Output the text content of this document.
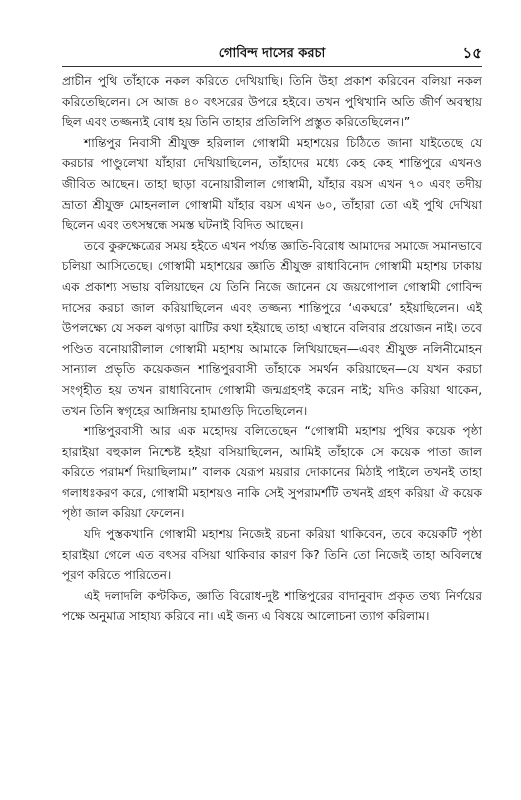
গোবিন্দ দাসের করচা	১৫

প্রাচীন পুথি তাঁহাকে নকল করিতে দেখিয়াছি। তিনি উহা প্রকাশ করিবেন বলিয়া নকল করিতেছিলেন। সে আজ ৪০ বৎসরের উপরে হইবে। তখন পুথিখানি অতি জীর্ণ অবস্থায় ছিল এবং তজ্জন্যই বোধ হয় তিনি তাহার প্রতিলিপি প্রস্তুত করিতেছিলেন।”

শান্তিপুর নিবাসী শ্রীযুক্ত হরিলাল গোস্বামী মহাশয়ের চিঠিতে জানা যাইতেছে যে করচার পাণ্ডুলেখা যাঁহারা দেখিয়াছিলেন, তাঁহাদের মধ্যে কেহ কেহ শান্তিপুরে এখনও জীবিত আছেন। তাহা ছাড়া বনোয়ারীলাল গোস্বামী, যাঁহার বয়স এখন ৭০ এবং তদীয় ভ্রাতা শ্রীযুক্ত মোহনলাল গোস্বামী যাঁহার বয়স এখন ৬০, তাঁহারা তো এই পুথি দেখিয়া ছিলেন এবং তৎসম্বন্ধে সমস্ত ঘটনাই বিদিত আছেন।

তবে কুরুক্ষেত্রের সময় হইতে এখন পর্য্যন্ত জ্ঞাতি-বিরোধ আমাদের সমাজে সমানভাবে চলিয়া আসিতেছে। গোস্বামী মহাশয়ের জ্ঞাতি শ্রীযুক্ত রাধাবিনোদ গোস্বামী মহাশয় ঢাকায় এক প্রকাশ্য সভায় বলিয়াছেন যে তিনি নিজে জানেন যে জয়গোপাল গোস্বামী গোবিন্দ দাসের করচা জাল করিয়াছিলেন এবং তজ্জন্য শান্তিপুরে ‘একঘরে’ হইয়াছিলেন। এই উপলক্ষ্যে যে সকল ঝগড়া ঝাটির কথা হইয়াছে তাহা এস্থানে বলিবার প্রয়োজন নাই। তবে পণ্ডিত বনোয়ারীলাল গোস্বামী মহাশয় আমাকে লিখিয়াছেন—এবং শ্রীযুক্ত নলিনীমোহন সান্যাল প্রভৃতি কয়েকজন শান্তিপুরবাসী তাঁহাকে সমর্থন করিয়াছেন—যে যখন করচা সংগৃহীত হয় তখন রাধাবিনোদ গোস্বামী জন্মগ্রহণই করেন নাই; যদিও করিয়া থাকেন, তখন তিনি স্বগৃহের আঙ্গিনায় হামাগুড়ি দিতেছিলেন।

শান্তিপুরবাসী আর এক মহোদয় বলিতেছেন “গোস্বামী মহাশয় পুথির কয়েক পৃষ্ঠা হারাইয়া বহুকাল নিশ্চেষ্ট হইয়া বসিয়াছিলেন, আমিই তাঁহাকে সে কয়েক পাতা জাল করিতে পরামর্শ দিয়াছিলাম।” বালক যেরূপ ময়রার দোকানের মিঠাই পাইলে তখনই তাহা গলাধঃকরণ করে, গোস্বামী মহাশয়ও নাকি সেই সুপরামর্শটি তখনই গ্রহণ করিয়া ঐ কয়েক পৃষ্ঠা জাল করিয়া ফেলেন।

যদি পুস্তকখানি গোস্বামী মহাশয় নিজেই রচনা করিয়া থাকিবেন, তবে কয়েকটি পৃষ্ঠা হারাইয়া গেলে এত বৎসর বসিয়া থাকিবার কারণ কি? তিনি তো নিজেই তাহা অবিলম্বে পূরণ করিতে পারিতেন।

এই দলাদলি কণ্টকিত, জ্ঞাতি বিরোধ-দুষ্ট শান্তিপুরের বাদানুবাদ প্রকৃত তথ্য নির্ণয়ের পক্ষে অনুমাত্র সাহায্য করিবে না। এই জন্য এ বিষয়ে আলোচনা ত্যাগ করিলাম।
